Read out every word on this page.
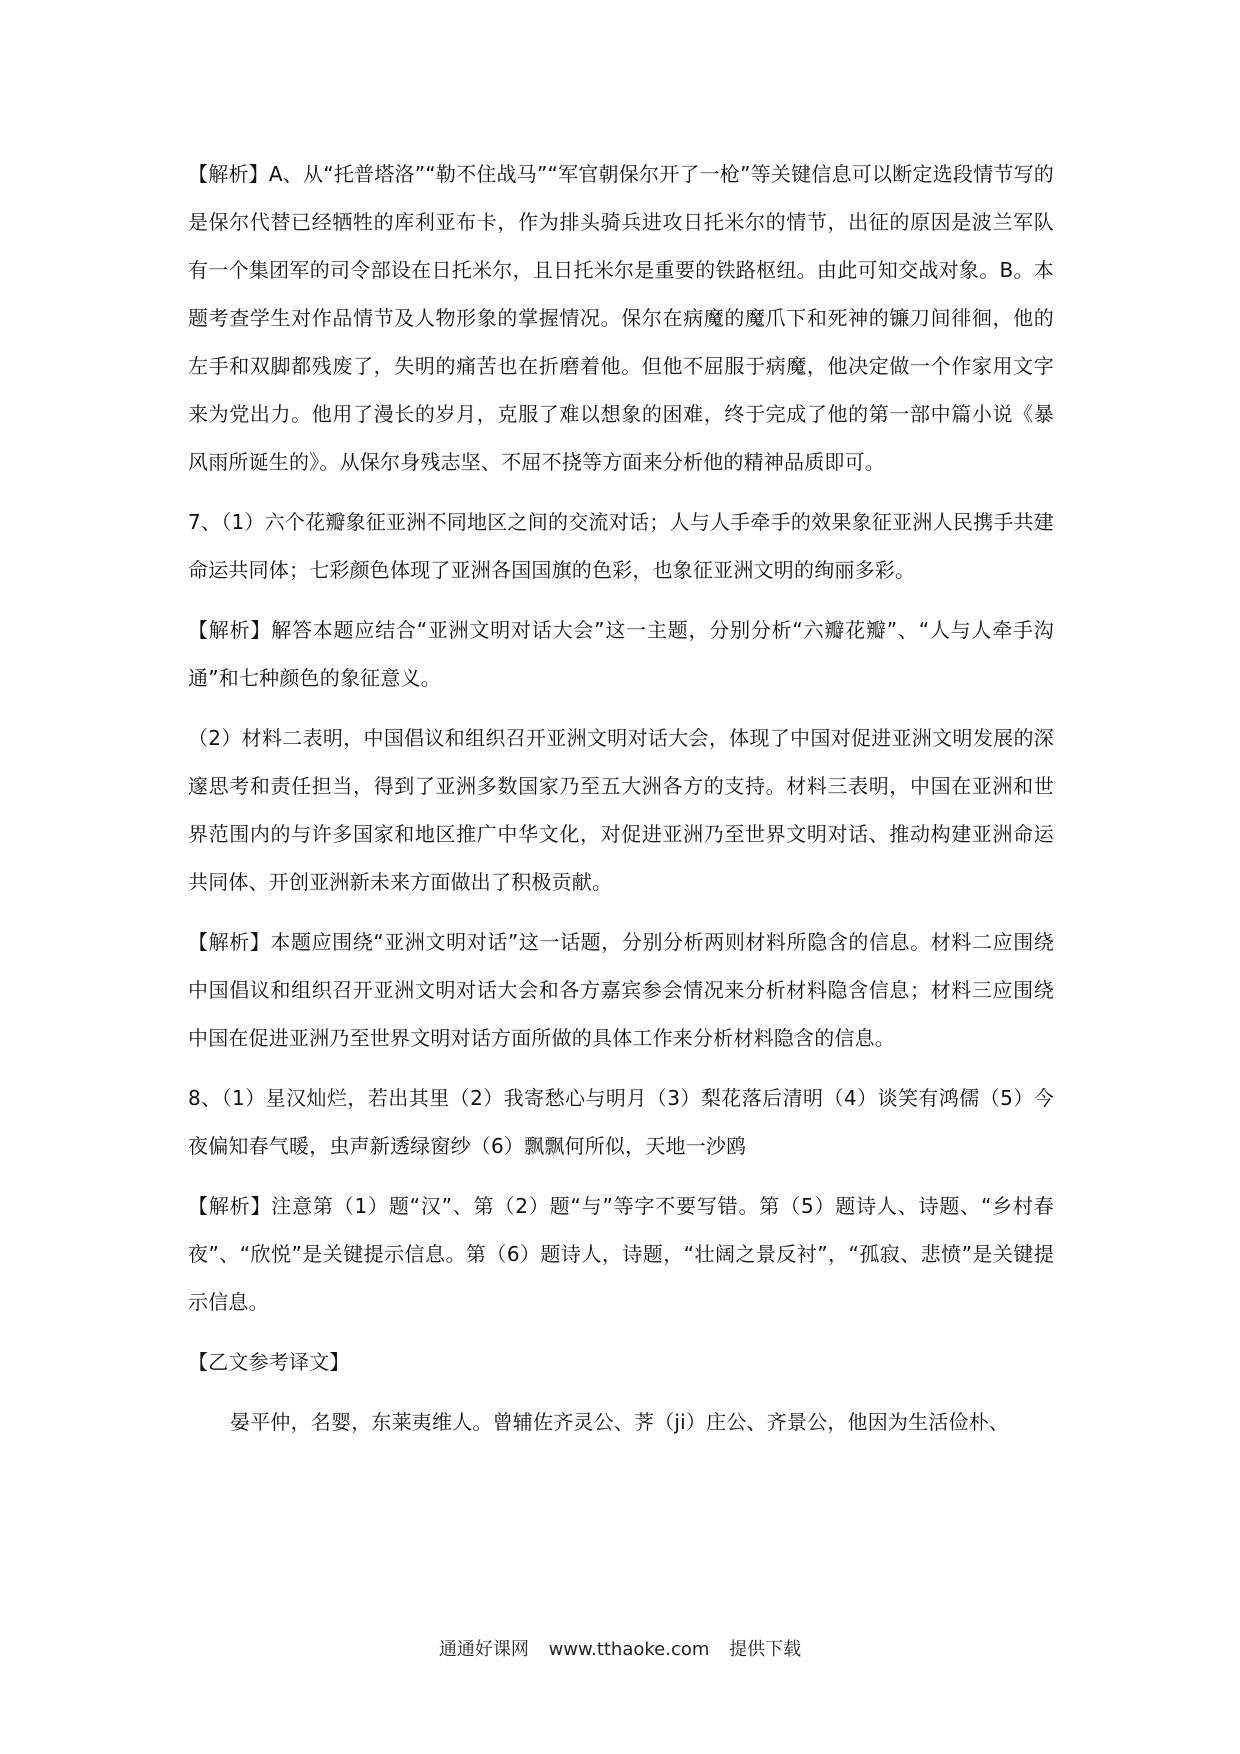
【解析】A、从“托普塔洛”“勒不住战马”“军官朝保尔开了一枪”等关键信息可以断定选段情节写的是保尔代替已经牺牲的库利亚布卡，作为排头骑兵进攻日托米尔的情节，出征的原因是波兰军队有一个集团军的司令部设在日托米尔，且日托米尔是重要的铁路枢纽。由此可知交战对象。B。本题考查学生对作品情节及人物形象的掌握情况。保尔在病魔的魔爪下和死神的镰刀间徘徊，他的左手和双脚都残废了，失明的痛苦也在折磨着他。但他不屈服于病魔，他决定做一个作家用文字来为党出力。他用了漫长的岁月，克服了难以想象的困难，终于完成了他的第一部中篇小说《暴风雨所诞生的》。从保尔身残志坚、不屈不挠等方面来分析他的精神品质即可。

7、（1）六个花瓣象征亚洲不同地区之间的交流对话；人与人手牵手的效果象征亚洲人民携手共建命运共同体；七彩颜色体现了亚洲各国国旗的色彩，也象征亚洲文明的绚丽多彩。

【解析】解答本题应结合“亚洲文明对话大会”这一主题，分别分析“六瓣花瓣”、“人与人牵手沟通”和七种颜色的象征意义。

（2）材料二表明，中国倡议和组织召开亚洲文明对话大会，体现了中国对促进亚洲文明发展的深邃思考和责任担当，得到了亚洲多数国家乃至五大洲各方的支持。材料三表明，中国在亚洲和世界范围内的与许多国家和地区推广中华文化，对促进亚洲乃至世界文明对话、推动构建亚洲命运共同体、开创亚洲新未来方面做出了积极贡献。

【解析】本题应围绕“亚洲文明对话”这一话题，分别分析两则材料所隐含的信息。材料二应围绕中国倡议和组织召开亚洲文明对话大会和各方嘉宾参会情况来分析材料隐含信息；材料三应围绕中国在促进亚洲乃至世界文明对话方面所做的具体工作来分析材料隐含的信息。

8、（1）星汉灿烂，若出其里（2）我寄愁心与明月（3）梨花落后清明（4）谈笑有鸿儒（5）今夜偏知春气暖，虫声新透绿窗纱（6）飘飘何所似，天地一沙鸥

【解析】注意第（1）题“汉”、第（2）题“与”等字不要写错。第（5）题诗人、诗题、“乡村春夜”、“欣悦”是关键提示信息。第（6）题诗人，诗题，“壮阔之景反衬”，“孤寂、悲愤”是关键提示信息。

【乙文参考译文】

晏平仲，名婴，东莱夷维人。曾辅佐齐灵公、荠（ji）庄公、齐景公，他因为生活俭朴、

通通好课网 www.tthaoke.com 提供下载
